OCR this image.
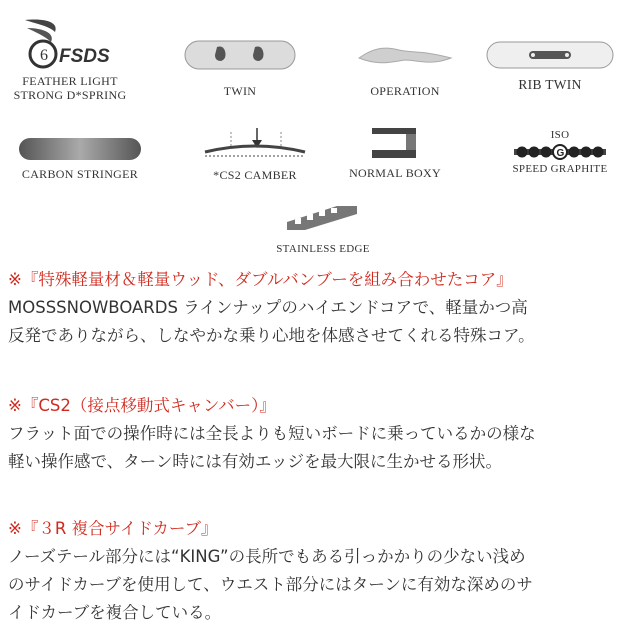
6 FSDS
FEATHER LIGHT
STRONG D*SPRING	TWIN	OPERATION	RIB TWIN
CARBON STRINGER	*CS2 CAMBER	NORMAL BOXY
ISO
G
SPEED GRAPHITE
STAINLESS EDGE

※『特殊軽量材＆軽量ウッド、ダブルバンブーを組み合わせたコア』

MOSSSNOWBOARDS ラインナップのハイエンドコアで、軽量かつ高

反発でありながら、しなやかな乗り心地を体感させてくれる特殊コア。

※『CS2（接点移動式キャンバー）』

フラット面での操作時には全長よりも短いボードに乗っているかの様な

軽い操作感で、ターン時には有効エッジを最大限に生かせる形状。

※『３R 複合サイドカーブ』

ノーズテール部分には“KING”の長所でもある引っかかりの少ない浅め

のサイドカーブを使用して、ウエスト部分にはターンに有効な深めのサ

イドカーブを複合している。
